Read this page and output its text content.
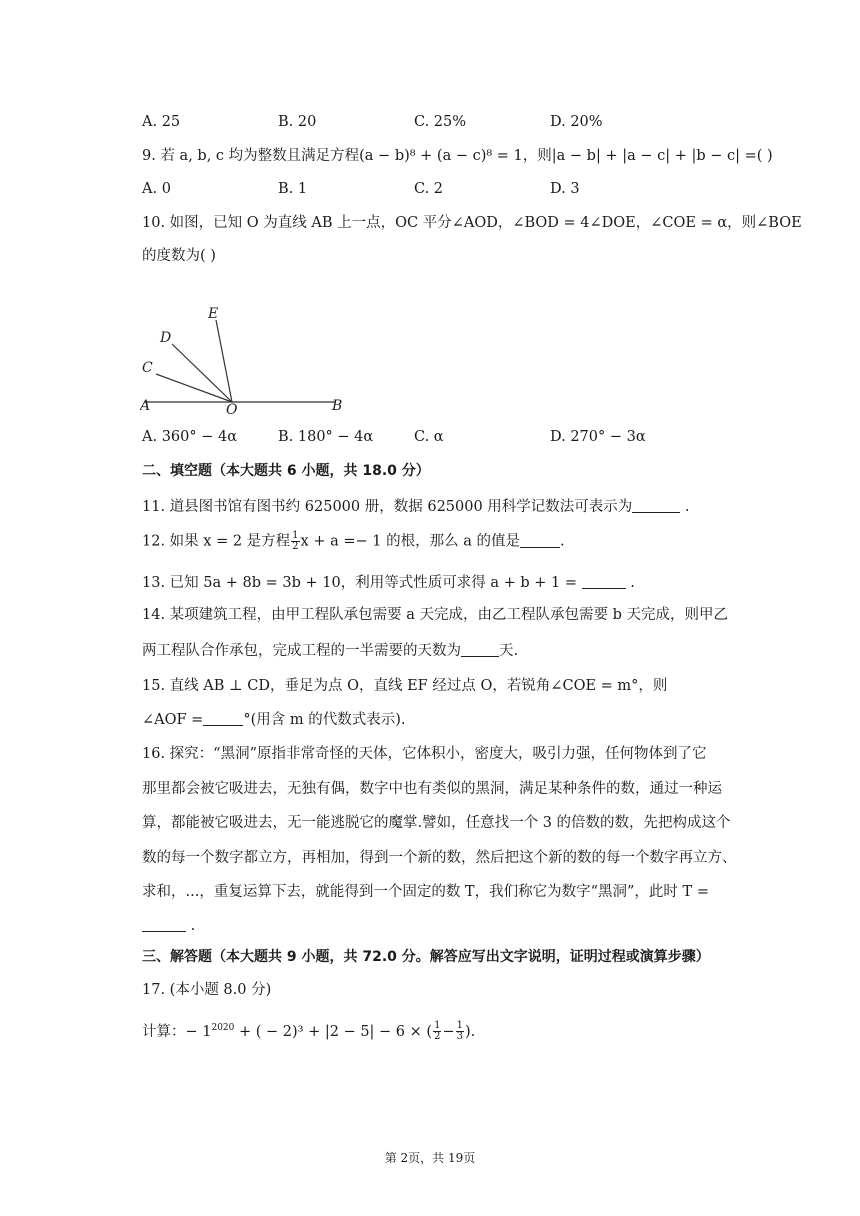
A. 25	B. 20	C. 25%	D. 20%
9. 若 a, b, c 均为整数且满足方程(a − b)⁸ + (a − c)⁸ = 1，则|a − b| + |a − c| + |b − c| =( )
A. 0	B. 1	C. 2	D. 3
10. 如图，已知 O 为直线 AB 上一点，OC 平分∠AOD，∠BOD = 4∠DOE，∠COE = α，则∠BOE
的度数为( )
A	B
C
D
E
O
A. 360° − 4α	B. 180° − 4α	C. α	D. 270° − 3α
二、填空题（本大题共 6 小题，共 18.0 分）
11. 道县图书馆有图书约 625000 册，数据 625000 用科学记数法可表示为	.
12. 如果 x = 2 是方程 $\frac{1}{2}$ x + a =− 1 的根，那么 a 的值是	.
13. 已知 5a + 8b = 3b + 10，利用等式性质可求得 a + b + 1 =	.
14. 某项建筑工程，由甲工程队承包需要 a 天完成，由乙工程队承包需要 b 天完成，则甲乙
两工程队合作承包，完成工程的一半需要的天数为	天.
15. 直线 AB ⊥ CD，垂足为点 O，直线 EF 经过点 O，若锐角∠COE = m°，则
∠AOF =	°(用含 m 的代数式表示).
16. 探究：“黑洞”原指非常奇怪的天体，它体积小，密度大，吸引力强，任何物体到了它
那里都会被它吸进去，无独有偶，数字中也有类似的黑洞，满足某种条件的数，通过一种运
算，都能被它吸进去，无一能逃脱它的魔掌.譬如，任意找一个 3 的倍数的数，先把构成这个
数的每一个数字都立方，再相加，得到一个新的数，然后把这个新的数的每一个数字再立方、
求和，...，重复运算下去，就能得到一个固定的数 T，我们称它为数字“黑洞”，此时 T =
.
三、解答题（本大题共 9 小题，共 72.0 分。解答应写出文字说明，证明过程或演算步骤）
17. (本小题 8.0 分)
计算：− $1^{2020}$ + ( − 2)³ + |2 − 5| − 6 × ( $\frac{1}{2} - \frac{1}{3}$ ).
第 2页，共 19页
